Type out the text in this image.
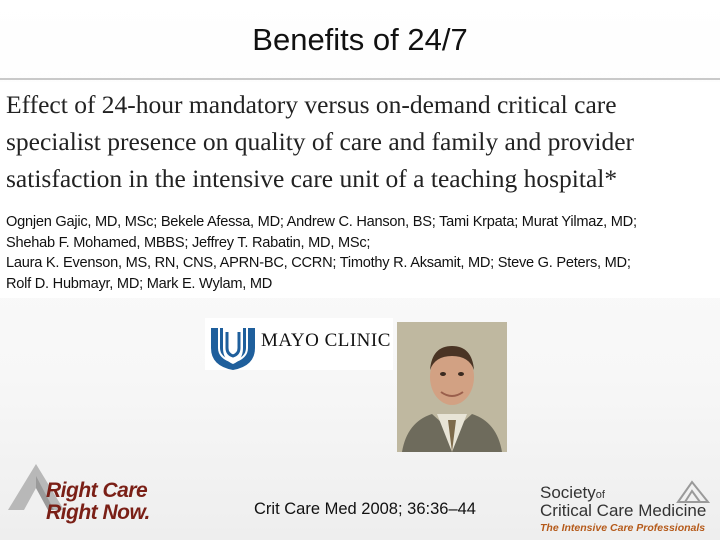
Benefits of 24/7
Effect of 24-hour mandatory versus on-demand critical care
specialist presence on quality of care and family and provider
satisfaction in the intensive care unit of a teaching hospital*
Ognjen Gajic, MD, MSc; Bekele Afessa, MD; Andrew C. Hanson, BS; Tami Krpata; Murat Yilmaz, MD;
Shehab F. Mohamed, MBBS; Jeffrey T. Rabatin, MD, MSc;
Laura K. Evenson, MS, RN, CNS, APRN-BC, CCRN; Timothy R. Aksamit, MD; Steve G. Peters, MD;
Rolf D. Hubmayr, MD; Mark E. Wylam, MD
MAYO CLINIC
Right Care
Right Now.	Crit Care Med 2008; 36:36–44
Societyof
Critical Care Medicine
The Intensive Care Professionals
